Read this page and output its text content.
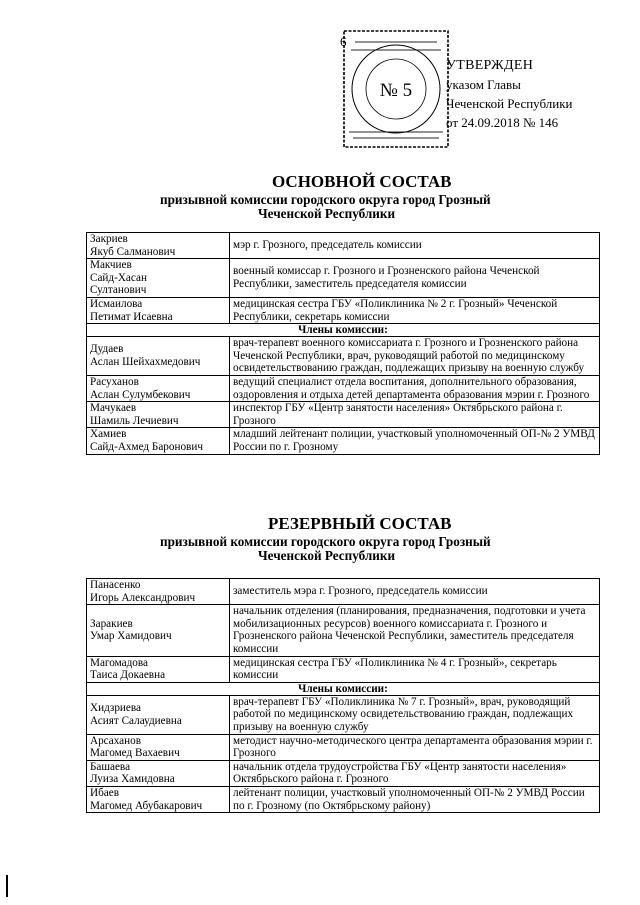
6
№ 5
УТВЕРЖДЕН
указом Главы
Чеченской Республики
от 24.09.2018 № 146
ОСНОВНОЙ СОСТАВ
призывной комиссии городского округа город Грозный
Чеченской Республики
Закриев
Якуб Салманович	мэр г. Грозного, председатель комиссии
Макчиев
Сайд-Хасан
Султанович	военный комиссар г. Грозного и Грозненского района Чеченской Республики, заместитель председателя комиссии
Исмаилова
Петимат Исаевна	медицинская сестра ГБУ «Поликлиника № 2 г. Грозный» Чеченской Республики, секретарь комиссии
Члены комиссии:	
Дудаев
Аслан Шейхахмедович	врач-терапевт военного комиссариата г. Грозного и Грозненского района Чеченской Республики, врач, руководящий работой по медицинскому освидетельствованию граждан, подлежащих призыву на военную службу
Расуханов
Аслан Сулумбекович	ведущий специалист отдела воспитания, дополнительного образования, оздоровления и отдыха детей департамента образования мэрии г. Грозного
Мачукаев
Шамиль Лечиевич	инспектор ГБУ «Центр занятости населения» Октябрьского района г. Грозного
Хамиев
Сайд-Ахмед Баронович	младший лейтенант полиции, участковый уполномоченный ОП-№ 2 УМВД России по г. Грозному
РЕЗЕРВНЫЙ СОСТАВ
призывной комиссии городского округа город Грозный
Чеченской Республики
Панасенко
Игорь Александрович	заместитель мэра г. Грозного, председатель комиссии
Заракиев
Умар Хамидович	начальник отделения (планирования, предназначения, подготовки и учета мобилизационных ресурсов) военного комиссариата г. Грозного и Грозненского района Чеченской Республики, заместитель председателя комиссии
Магомадова
Таиса Докаевна	медицинская сестра ГБУ «Поликлиника № 4 г. Грозный», секретарь комиссии
Члены комиссии:	
Хидзриева
Асият Салаудиевна	врач-терапевт ГБУ «Поликлиника № 7 г. Грозный», врач, руководящий работой по медицинскому освидетельствованию граждан, подлежащих призыву на военную службу
Арсаханов
Магомед Вахаевич	методист научно-методического центра департамента образования мэрии г. Грозного
Башаева
Луиза Хамидовна	начальник отдела трудоустройства ГБУ «Центр занятости населения» Октябрьского района г. Грозного
Ибаев
Магомед Абубакарович	лейтенант полиции, участковый уполномоченный ОП-№ 2 УМВД России по г. Грозному (по Октябрьскому району)
